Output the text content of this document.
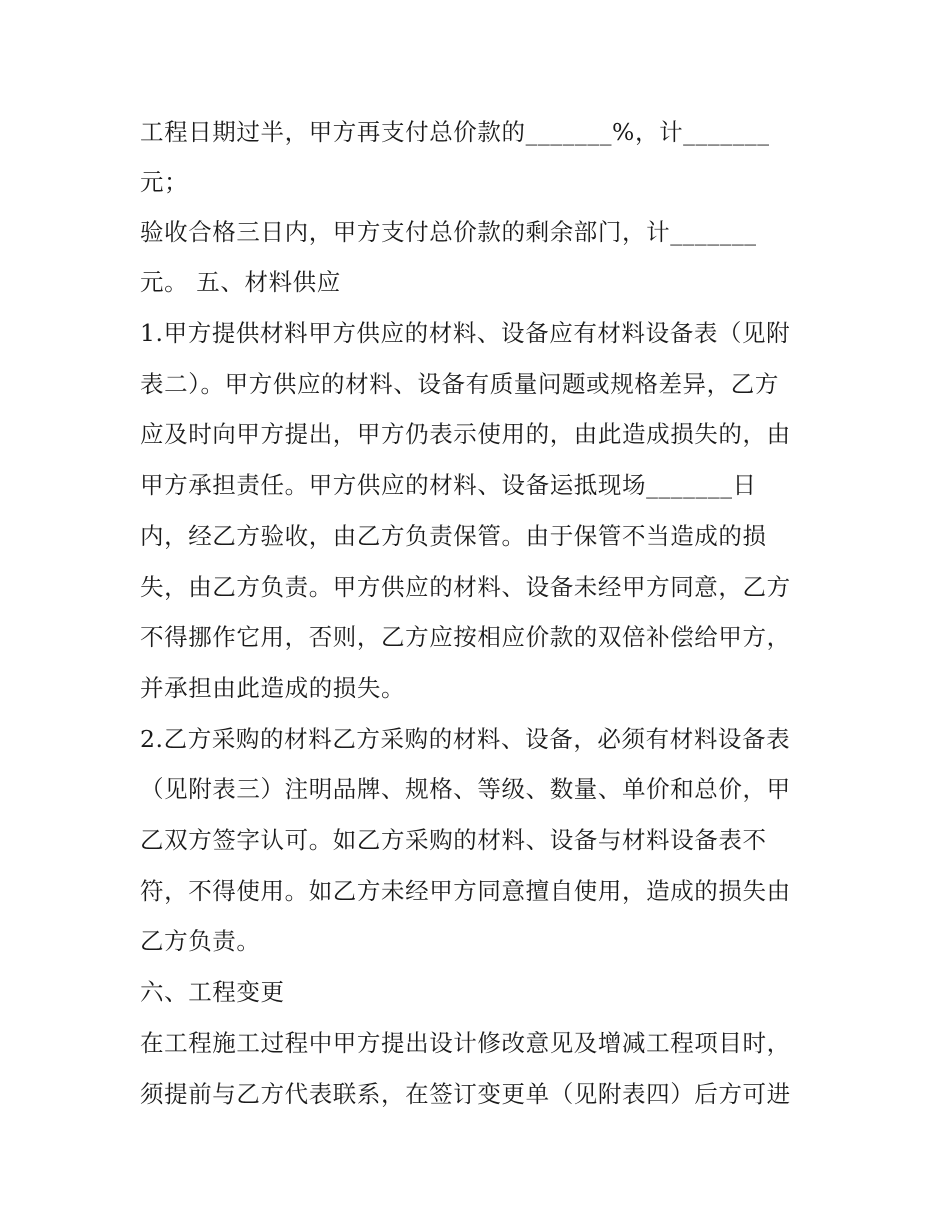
工程日期过半，甲方再支付总价款的_______%，计_______
元；
验收合格三日内，甲方支付总价款的剩余部门，计_______
元。 五、材料供应
1.甲方提供材料甲方供应的材料、设备应有材料设备表（见附
表二）。甲方供应的材料、设备有质量问题或规格差异，乙方
应及时向甲方提出，甲方仍表示使用的，由此造成损失的，由
甲方承担责任。甲方供应的材料、设备运抵现场_______日
内，经乙方验收，由乙方负责保管。由于保管不当造成的损
失，由乙方负责。甲方供应的材料、设备未经甲方同意，乙方
不得挪作它用，否则，乙方应按相应价款的双倍补偿给甲方，
并承担由此造成的损失。
2.乙方采购的材料乙方采购的材料、设备，必须有材料设备表
（见附表三）注明品牌、规格、等级、数量、单价和总价，甲
乙双方签字认可。如乙方采购的材料、设备与材料设备表不
符，不得使用。如乙方未经甲方同意擅自使用，造成的损失由
乙方负责。
六、工程变更
在工程施工过程中甲方提出设计修改意见及增减工程项目时，
须提前与乙方代表联系，在签订变更单（见附表四）后方可进
